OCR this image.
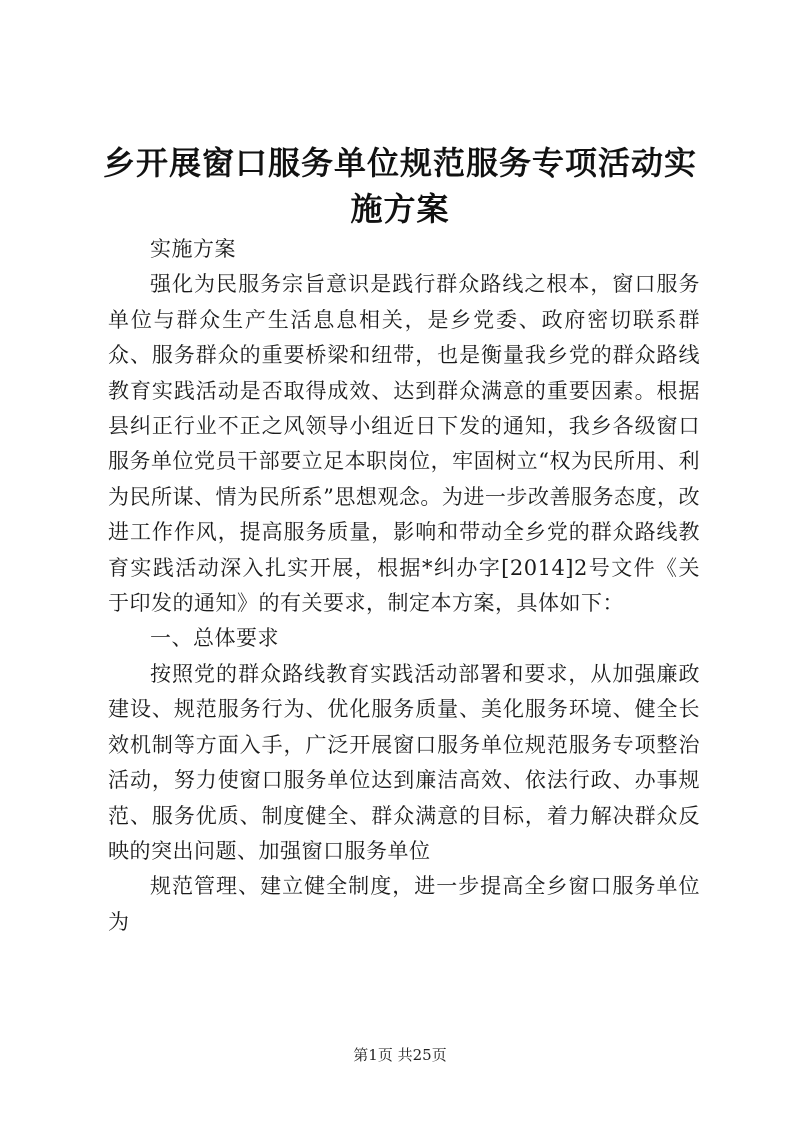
乡开展窗口服务单位规范服务专项活动实施方案

实施方案

强化为民服务宗旨意识是践行群众路线之根本，窗口服务单位与群众生产生活息息相关，是乡党委、政府密切联系群众、服务群众的重要桥梁和纽带，也是衡量我乡党的群众路线教育实践活动是否取得成效、达到群众满意的重要因素。根据县纠正行业不正之风领导小组近日下发的通知，我乡各级窗口服务单位党员干部要立足本职岗位，牢固树立“权为民所用、利为民所谋、情为民所系”思想观念。为进一步改善服务态度，改进工作作风，提高服务质量，影响和带动全乡党的群众路线教育实践活动深入扎实开展，根据*纠办字[2014]2号文件《关于印发的通知》的有关要求，制定本方案，具体如下：

一、总体要求

按照党的群众路线教育实践活动部署和要求，从加强廉政建设、规范服务行为、优化服务质量、美化服务环境、健全长效机制等方面入手，广泛开展窗口服务单位规范服务专项整治活动，努力使窗口服务单位达到廉洁高效、依法行政、办事规范、服务优质、制度健全、群众满意的目标，着力解决群众反映的突出问题、加强窗口服务单位

规范管理、建立健全制度，进一步提高全乡窗口服务单位为

第1页 共25页
